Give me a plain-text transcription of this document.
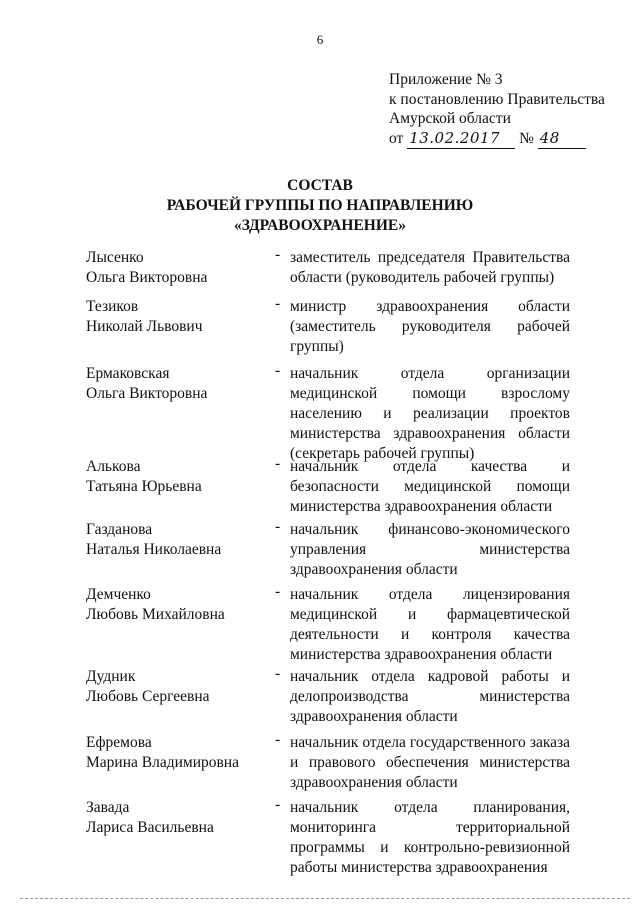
6
Приложение № 3
к постановлению Правительства
Амурской области
от 13.02.2017 № 48
СОСТАВ
РАБОЧЕЙ ГРУППЫ ПО НАПРАВЛЕНИЮ
«ЗДРАВООХРАНЕНИЕ»
Лысенко
Ольга Викторовна
- заместитель председателя Правительства области (руководитель рабочей группы)
Тезиков
Николай Львович
- министр здравоохранения области (заместитель руководителя рабочей группы)
Ермаковская
Ольга Викторовна
- начальник отдела организации медицинской помощи взрослому населению и реализации проектов министерства здравоохранения области (секретарь рабочей группы)
Алькова
Татьяна Юрьевна
- начальник отдела качества и безопасности медицинской помощи министерства здравоохранения области
Газданова
Наталья Николаевна
- начальник финансово-экономического управления министерства здравоохранения области
Демченко
Любовь Михайловна
- начальник отдела лицензирования медицинской и фармацевтической деятельности и контроля качества министерства здравоохранения области
Дудник
Любовь Сергеевна
- начальник отдела кадровой работы и делопроизводства министерства здравоохранения области
Ефремова
Марина Владимировна
- начальник отдела государственного заказа и правового обеспечения министерства здравоохранения области
Завада
Лариса Васильевна
- начальник отдела планирования, мониторинга территориальной программы и контрольно-ревизионной работы министерства здравоохранения
